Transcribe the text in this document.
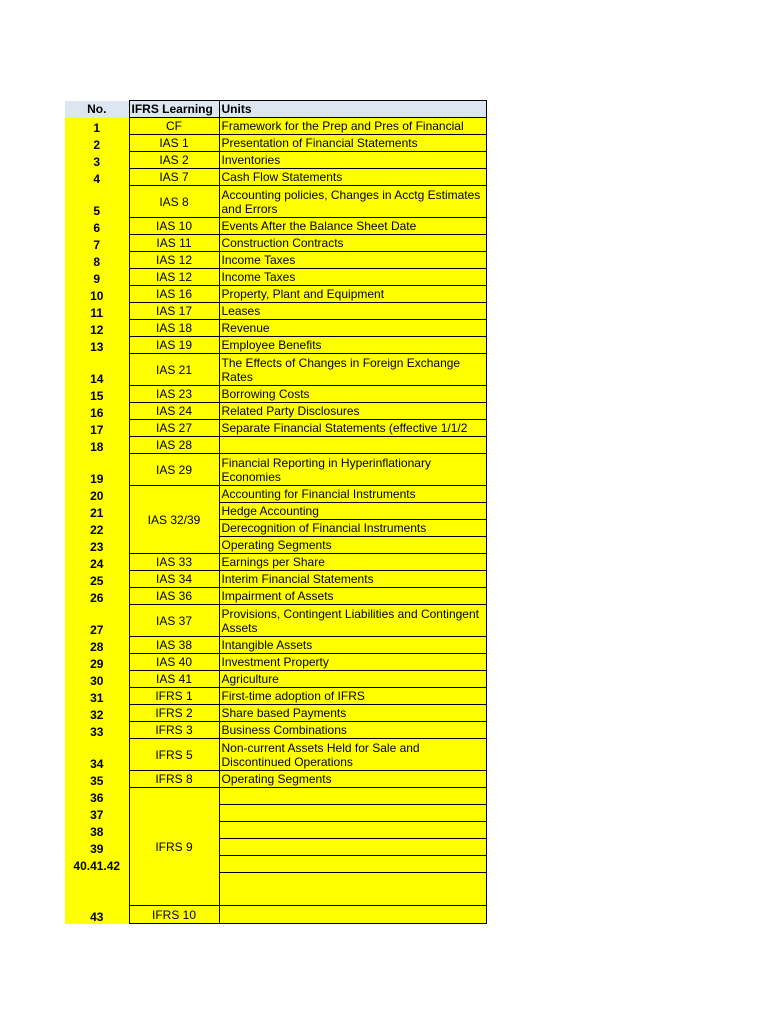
No.	IFRS Learning	Units
1	CF	Framework for the Prep and Pres of Financial

2	IAS 1	Presentation of Financial Statements
3	IAS 2	Inventories
4	IAS 7	Cash Flow Statements
5	IAS 8	Accounting policies, Changes in Acctg Estimates and Errors
6	IAS 10	Events After the Balance Sheet Date
7	IAS 11	Construction Contracts
8	IAS 12	Income Taxes
9	IAS 12	Income Taxes
10	IAS 16	Property, Plant and Equipment
11	IAS 17	Leases
12	IAS 18	Revenue
13	IAS 19	Employee Benefits
14	IAS 21	The Effects of Changes in Foreign Exchange Rates
15	IAS 23	Borrowing Costs
16	IAS 24	Related Party Disclosures
17	IAS 27	Separate Financial Statements (effective 1/1/2

18	IAS 28	
19	IAS 29	Financial Reporting in Hyperinflationary Economies
20	IAS 32/39	Accounting for Financial Instruments
21		Hedge Accounting
22		Derecognition of Financial Instruments
23		Operating Segments
24	IAS 33	Earnings per Share
25	IAS 34	Interim Financial Statements
26	IAS 36	Impairment of Assets
27	IAS 37	Provisions, Contingent Liabilities and Contingent Assets
28	IAS 38	Intangible Assets
29	IAS 40	Investment Property
30	IAS 41	Agriculture
31	IFRS 1	First-time adoption of IFRS
32	IFRS 2	Share based Payments
33	IFRS 3	Business Combinations
34	IFRS 5	Non-current Assets Held for Sale and Discontinued Operations
35	IFRS 8	Operating Segments
36	IFRS 9	
37		
38		
39		
40.41.42		

43	IFRS 10	
